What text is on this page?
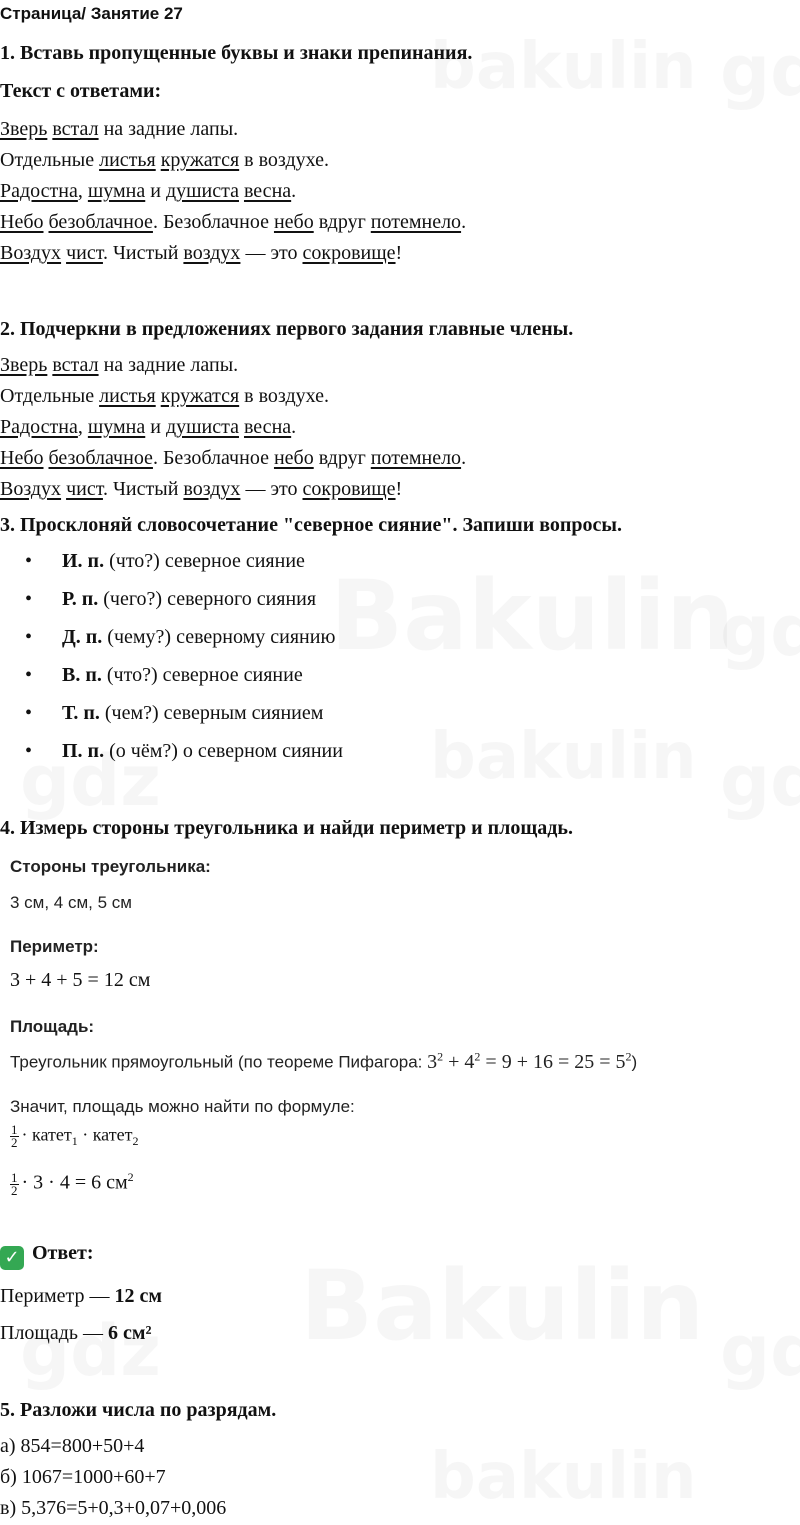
Страница/ Занятие 27
1. Вставь пропущенные буквы и знаки препинания.
Текст с ответами:
Зверь встал на задние лапы.
Отдельные листья кружатся в воздухе.
Радостна, шумна и душиста весна.
Небо безоблачное. Безоблачное небо вдруг потемнело.
Воздух чист. Чистый воздух — это сокровище!
2. Подчеркни в предложениях первого задания главные члены.
Зверь встал на задние лапы.
Отдельные листья кружатся в воздухе.
Радостна, шумна и душиста весна.
Небо безоблачное. Безоблачное небо вдруг потемнело.
Воздух чист. Чистый воздух — это сокровище!
3. Просклоняй словосочетание "северное сияние". Запиши вопросы.
• И. п. (что?) северное сияние
• Р. п. (чего?) северного сияния
• Д. п. (чему?) северному сиянию
• В. п. (что?) северное сияние
• Т. п. (чем?) северным сиянием
• П. п. (о чём?) о северном сиянии
4. Измерь стороны треугольника и найди периметр и площадь.
Стороны треугольника:
3 см, 4 см, 5 см
Периметр:
3 + 4 + 5 = 12 см
Площадь:
Треугольник прямоугольный (по теореме Пифагора: $3^2 + 4^2 = 9 + 16 = 25 = 5^2$)
Значит, площадь можно найти по формуле:
$\frac{1}{2}$ · катет$_1$ · катет$_2$
$\frac{1}{2} \cdot 3 \cdot 4 = 6$ $см^2$
✓ Ответ:
Периметр — 12 см
Площадь — 6 см²
5. Разложи числа по разрядам.
а) 854=800+50+4
б) 1067=1000+60+7
в) 5,376=5+0,3+0,07+0,006
